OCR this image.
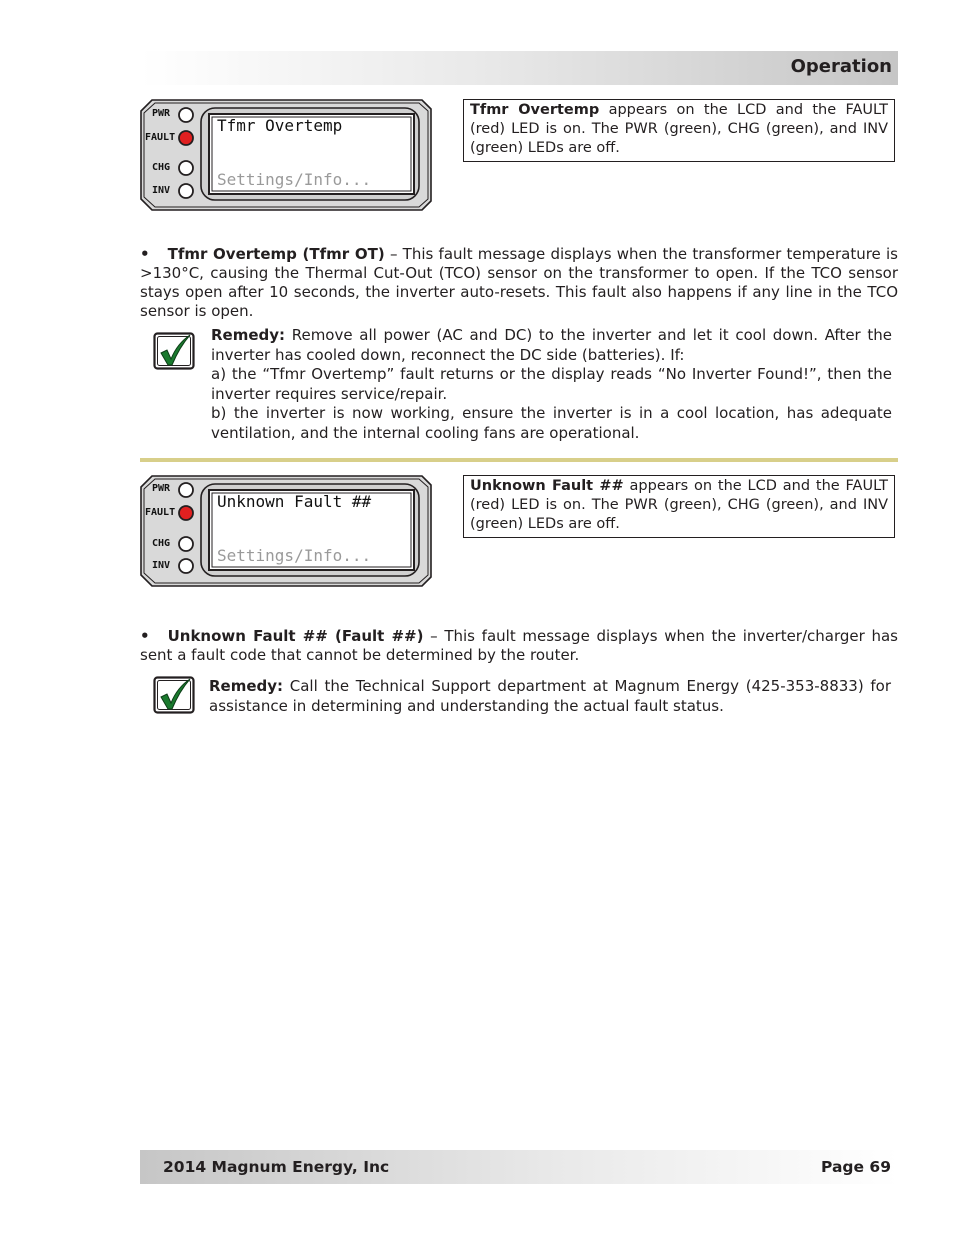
Operation
PWR
FAULT
CHG
INV
Tfmr Overtemp
Settings/Info...
Tfmr Overtemp appears on the LCD and the FAULT (red) LED is on. The PWR (green), CHG (green), and INV (green) LEDs are off.
• Tfmr Overtemp (Tfmr OT) – This fault message displays when the transformer temperature is >130°C, causing the Thermal Cut-Out (TCO) sensor on the transformer to open. If the TCO sensor stays open after 10 seconds, the inverter auto-resets. This fault also happens if any line in the TCO sensor is open.

Remedy: Remove all power (AC and DC) to the inverter and let it cool down. After the inverter has cooled down, reconnect the DC side (batteries). If:

a) the “Tfmr Overtemp” fault returns or the display reads “No Inverter Found!”, then the inverter requires service/repair.

b) the inverter is now working, ensure the inverter is in a cool location, has adequate ventilation, and the internal cooling fans are operational.

PWR
FAULT
CHG
INV
Unknown Fault ##
Settings/Info...
Unknown Fault ## appears on the LCD and the FAULT (red) LED is on. The PWR (green), CHG (green), and INV (green) LEDs are off.
• Unknown Fault ## (Fault ##) – This fault message displays when the inverter/charger has sent a fault code that cannot be determined by the router.

Remedy: Call the Technical Support department at Magnum Energy (425-353-8833) for assistance in determining and understanding the actual fault status.

2014 Magnum Energy, Inc	Page 69
